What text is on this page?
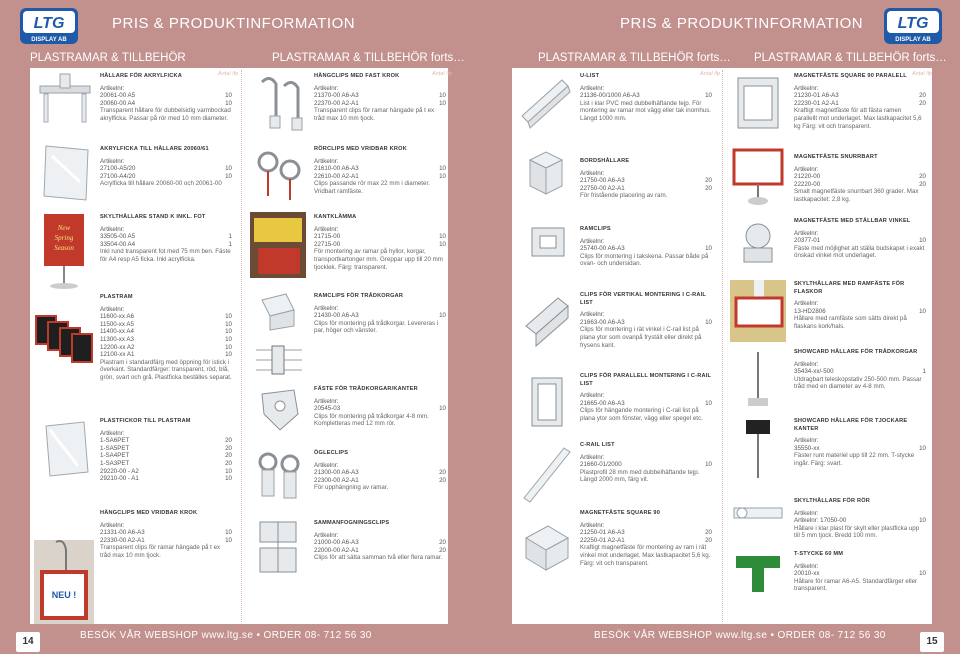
LTG
DISPLAY AB
PRIS & PRODUKTINFORMATION	PRIS & PRODUKTINFORMATION LTG
DISPLAY AB
PLASTRAMAR & TILLBEHÖR	PLASTRAMAR & TILLBEHÖR forts…	PLASTRAMAR & TILLBEHÖR forts… PLASTRAMAR & TILLBEHÖR forts…
Antal /fp	Antal /fp	Antal /fp	Antal /fp
New
Spring
Season
NEU !
HÅLLARE FÖR AKRYLFICKA
Artikelnr:
20061-00 A5	10
20060-00 A4	10
Transparent hållare för dubbelsidig varmbockad akrylficka. Passar på rör med 10 mm diameter.
AKRYLFICKA TILL HÅLLARE 20060/61
Artikelnr:
27100-A5/20	10
27100-A4/20	10
Acrylficka till hållare 20060-00 och 20061-00
SKYLTHÅLLARE STAND K INKL. FOT
Artikelnr:
33505-00 A5	1
33504-00 A4	1
Inkl rund transparent fot med 75 mm ben. Fäste för A4 resp A5 ficka. Inkl acrylficka.
PLASTRAM
Artikelnr:
11600-xx A6	10
11500-xx A5	10
11400-xx A4	10
11300-xx A3	10
12200-xx A2	10
12100-xx A1	10
Plastram i standardfärg med öppning för istick i överkant. Standardfärger: transparent, röd, blå, grön, svart och grå. Plastficka beställes separat.
PLASTFICKOR TILL PLASTRAM
Artikelnr:
1-SA6PET	20
1-SA5PET	20
1-SA4PET	20
1-SA3PET	20
29220-00 - A2	10
29210-00 - A1	10
HÄNGCLIPS MED VRIDBAR KROK
Artikelnr:
21331-00 A6-A3	10
22330-00 A2-A1	10
Transparent clips för ramar hängade på t ex tråd max 10 mm tjock.
HÄNGCLIPS MED FAST KROK
Artikelnr:
21370-00 A6-A3	10
22370-00 A2-A1	10
Transparent clips för ramar hängade på t ex tråd max 10 mm tjock.
RÖRCLIPS MED VRIDBAR KROK
Artikelnr:
21610-00 A6-A3	10
22610-00 A2-A1	10
Clips passande rör max 22 mm i diameter. Vridbart ramfäste.
KANTKLÄMMA
Artikelnr:
21715-00	10
22715-00	10
För montering av ramar på hyllor, korgar, transportkartonger mm. Greppar upp till 20 mm tjocklek. Färg: transparent.
RAMCLIPS FÖR TRÅDKORGAR
Artikelnr:
21430-00 A6-A3	10
Clips för montering på trådkorgar. Levereras i par, höger och vänster.
FÄSTE FÖR TRÅDKORGAR/KANTER
Artikelnr:
20545-03	10
Clips för montering på trådkorgar 4-8 mm. Kompletteras med 12 mm rör.
ÖGLECLIPS
Artikelnr:
21300-00 A6-A3	20
22300-00 A2-A1	20
För upphängning av ramar.
SAMMANFOGNINGSCLIPS
Artikelnr:
21000-00 A6-A3	20
22000-00 A2-A1	20
Clips för att sätta samman två eller flera ramar.
U-LIST
Artikelnr:
21136-00/1000 A6-A3	10
List i klar PVC med dubbelhäftande tejp. För montering av ramar mot vägg eller tak inomhus. Längd 1000 mm.
BORDSHÅLLARE
Artikelnr:
21750-00 A6-A3	20
22750-00 A2-A1	20
För fristående placering av ram.
RAMCLIPS
Artikelnr:
25740-00 A6-A3	10
Clips för montering i takskena. Passar både på ovan- och undersidan.
CLIPS FÖR VERTIKAL MONTERING I C-RAIL LIST
Artikelnr:
21663-00 A6-A3	10
Clips för montering i rät vinkel i C-rail list på plana ytor som ovanpå frystält eller direkt på frysens kant.
CLIPS FÖR PARALLELL MONTERING I C-RAIL LIST
Artikelnr:
21665-00 A6-A3	10
Clips för hängande montering i C-rail list på plana ytor som fönster, vägg eller spegel etc.
C-RAIL LIST
Artikelnr:
21660-01/2000	10
Plastprofil 28 mm med dubbelhäftande tejp. Längd 2000 mm, färg vit.
MAGNETFÄSTE SQUARE 90
Artikelnr:
21250-01 A6-A3	20
22250-01 A2-A1	20
Kraftigt magnetfäste för montering av ram i rät vinkel mot underlaget. Max lastkapacitet 5,6 kg. Färg: vit och transparent.
MAGNETFÄSTE SQUARE 90 PARALELL
Artikelnr:
21230-01 A6-A3	20
22230-01 A2-A1	20
Kraftigt magnetfäste för att fästa ramen parallellt mot underlaget. Max lastkapacitet 5,6 kg Färg: vit och transparent.
MAGNETFÄSTE SNURRBART
Artikelnr:
21220-00	20
22220-00	20
Smalt magnetfäste snurrbart 360 grader. Max lastkapacitet: 2,8 kg.
MAGNETFÄSTE MED STÄLLBAR VINKEL
Artikelnr:
20377-01	10
Fäste med möjlighet att ställa budskapet i exakt önskad vinkel mot underlaget.
SKYLTHÅLLARE MED RAMFÄSTE FÖR FLASKOR
Artikelnr:
13-HD2806	10
Hållare med ramfäste som sätts direkt på flaskans kork/hals.
SHOWCARD HÅLLARE FÖR TRÅDKORGAR
Artikelnr:
35434-xx/-500	1
Utdragbart teleskopstativ 250-500 mm. Passar tråd med en diameter av 4-8 mm.
SHOWCARD HÅLLARE FÖR TJOCKARE KANTER
Artikelnr:
35550-xx	10
Fäster runt materiel upp till 22 mm. T-stycke ingår. Färg: svart.
SKYLTHÅLLARE FÖR RÖR
Artikelnr:
Artikelnr: 17050-00	10
Hållare i klar plast för skylt eller plastficka upp till 5 mm tjock. Bredd 100 mm.
T-STYCKE 60 MM
Artikelnr:
20010-xx	10
Hållare för ramar A6-A5. Standardfärger eller transparent.
14
BESÖK VÅR WEBSHOP www.ltg.se • ORDER 08- 712 56 30	BESÖK VÅR WEBSHOP www.ltg.se • ORDER 08- 712 56 30
15
